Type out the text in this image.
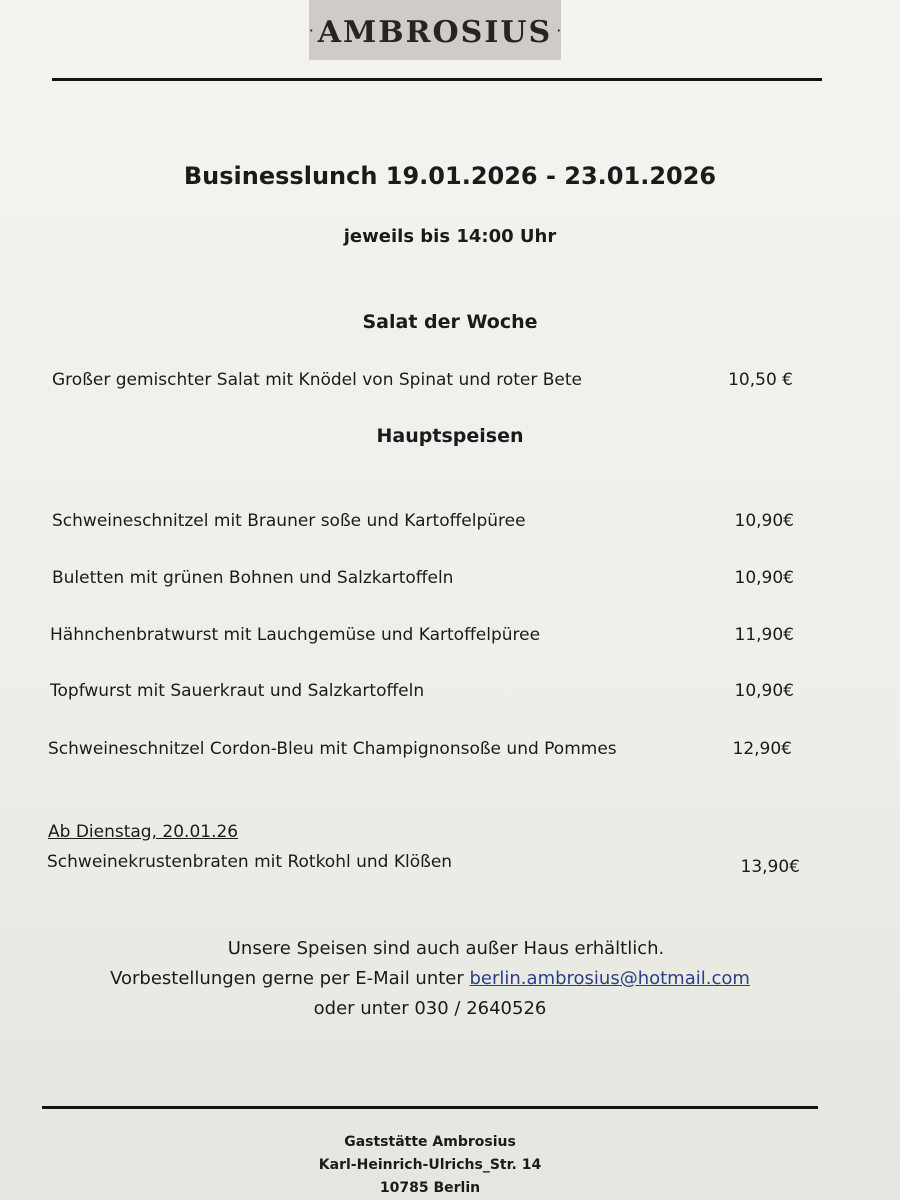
· AMBROSIUS ·
Businesslunch 19.01.2026 - 23.01.2026
jeweils bis 14:00 Uhr
Salat der Woche
Großer gemischter Salat mit Knödel von Spinat und roter Bete	10,50 €
Hauptspeisen
Schweineschnitzel mit Brauner soße und Kartoffelpüree	10,90€
Buletten mit grünen Bohnen und Salzkartoffeln	10,90€
Hähnchenbratwurst mit Lauchgemüse und Kartoffelpüree	11,90€
Topfwurst mit Sauerkraut und Salzkartoffeln	10,90€
Schweineschnitzel Cordon-Bleu mit Champignonsoße und Pommes	12,90€
Ab Dienstag, 20.01.26
Schweinekrustenbraten mit Rotkohl und Klößen	13,90€
Unsere Speisen sind auch außer Haus erhältlich.
Vorbestellungen gerne per E-Mail unter berlin.ambrosius@hotmail.com
oder unter 030 / 2640526
Gaststätte Ambrosius
Karl-Heinrich-Ulrichs_Str. 14
10785 Berlin
